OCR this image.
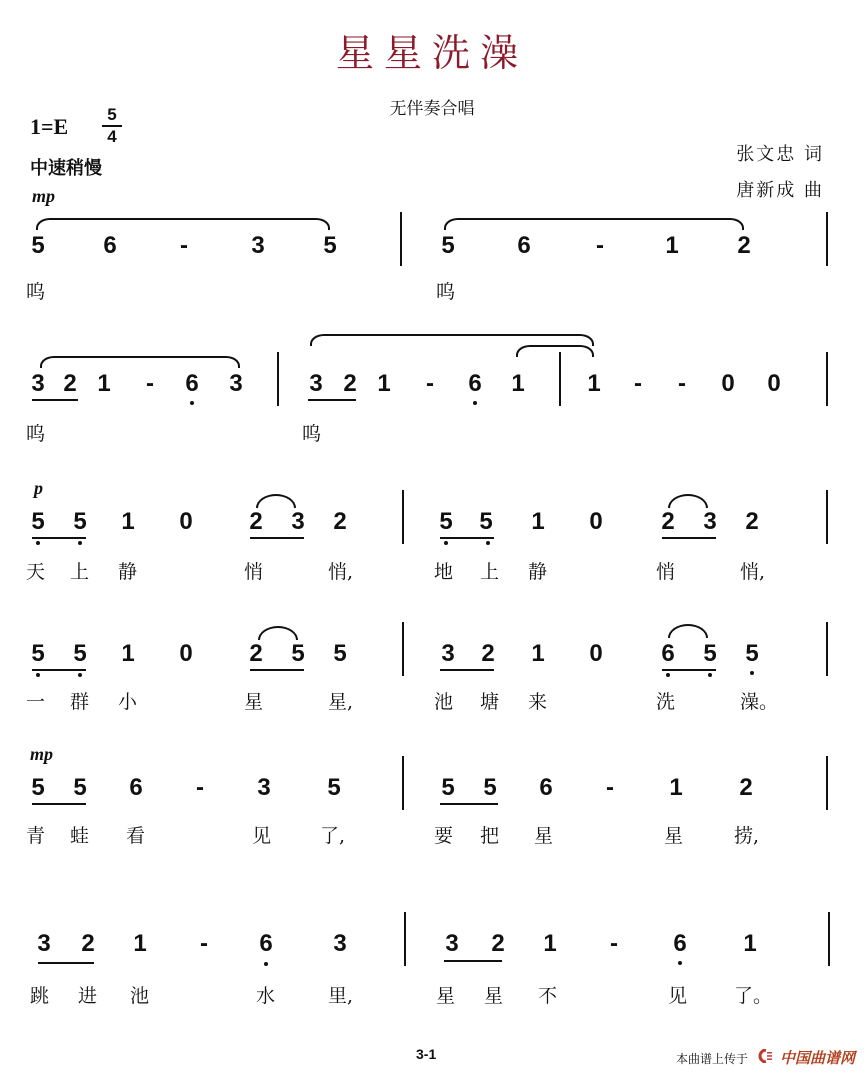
星星洗澡
无伴奏合唱
1=E	5
4
中速稍慢
张文忠 词
唐新成 曲
mp
5 6	-	3 5	5	6	-	1 2
呜	呜
3 2 1 - 6 3	3 2 1 - 6 1	1 - - 0 0
呜	呜
p
5 5 1 0 2 3 2	5 5 1 0 2 3 2
天 上 静	悄	悄,	地 上 静	悄	悄,
5 5 1 0 2 5 5	3 2 1 0 6 5 5
一 群 小	星	星,	池 塘 来	洗	澡。
mp
5 5 6 - 3 5	5 5 6 - 1 2
青 蛙 看	见	了,	要 把 星	星	捞,
3 2 1 - 6	3	3 2 1 - 6 1
跳 进 池	水	里,	星 星 不	见 了。
3-1	本曲谱上传于 中国曲谱网
